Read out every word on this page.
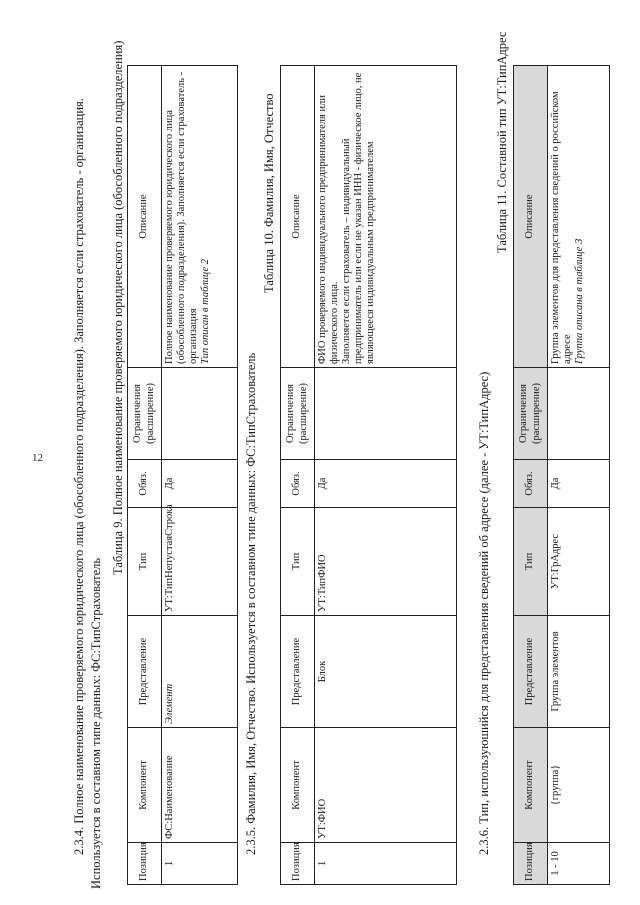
12 2.3.4. Полное наименование проверяемого юридического лица (обособленного подразделения). Заполняется если страхователь - организация. Используется в составном типе данных: ФС:ТипСтрахователь
Таблица 9. Полное наименование проверяемого юридического лица (обособленного подразделения)
Позиция	Компонент	Представление	Тип	Обяз.	Ограничения (расширение)	Описание
1	ФС:Наименование	Элемент	УТ:ТипНепустаяСтрока	Да		Полное наименование проверяемого юридического лица (обособленного подразделения). Заполняется если страхователь - организация
Тип описан в таблице 2
2.3.5. Фамилия, Имя, Отчество. Используется в составном типе данных: ФС:ТипСтрахователь
Таблица 10. Фамилия, Имя, Отчество
Позиция	Компонент	Представление	Тип	Обяз.	Ограничения (расширение)	Описание
1	УТ:ФИО	Блок	УТ:ТипФИО	Да		ФИО проверяемого индивидуального предпринимателя или физического лица.
Заполняется если страхователь – индивидуальный предприниматель или если не указан ИНН - физическое лицо, не являющееся индивидуальным предпринимателем
2.3.6. Тип, используюшийся для представления сведений об адресе (далее - УТ:ТипАдрес)
Таблица 11. Составной тип УТ:ТипАдрес
Позиция	Компонент	Представление	Тип	Обяз.	Ограничения (расширение)	Описание
1 - 10	{группа}	Группа элементов	УТ:ГрАдрес	Да		Группа элементов для представления сведений о российском адресе
Группа описана в таблице 3
